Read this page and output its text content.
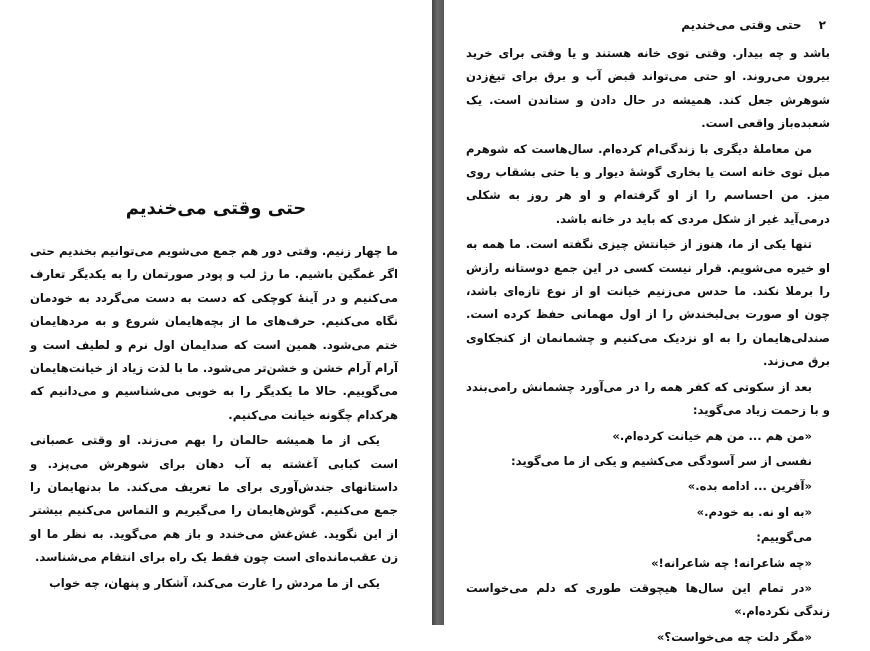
حتی وقتی می‌خندیم

ما چهار زنیم. وقتی دور هم جمع می‌شویم می‌توانیم بخندیم حتی اگر غمگین باشیم. ما رژ لب و پودر صورتمان را به یکدیگر تعارف می‌کنیم و در آینهٔ کوچکی که دست به دست می‌گردد به خودمان نگاه می‌کنیم. حرف‌های ما از بچه‌هایمان شروع و به مردهایمان ختم می‌شود. همین است که صدایمان اول نرم و لطیف است و آرام آرام خشن و خشن‌تر می‌شود. ما با لذت زیاد از خیانت‌هایمان می‌گوییم. حالا ما یکدیگر را به خوبی می‌شناسیم و می‌دانیم که هرکدام چگونه خیانت می‌کنیم.

یکی از ما همیشه حالمان را بهم می‌زند. او وقتی عصبانی است کبابی آغشته به آب دهان برای شوهرش می‌پزد. و داستانهای جندش‌آوری برای ما تعریف می‌کند. ما بدنهایمان را جمع می‌کنیم. گوش‌هایمان را می‌گیریم و التماس می‌کنیم بیشتر از این نگوید. غش‌غش می‌خندد و باز هم می‌گوید. به نظر ما او زن عقب‌مانده‌ای است چون فقط یک راه برای انتقام می‌شناسد.

یکی از ما مردش را غارت می‌کند، آشکار و پنهان، چه خواب

۲ حتی وقتی می‌خندیم

باشد و چه بیدار. وقتی توی خانه هستند و یا وقتی برای خرید بیرون می‌روند. او حتی می‌تواند قبض آب و برق برای تیغ‌زدن شوهرش جعل کند. همیشه در حال دادن و ستاندن است. یک شعبده‌باز واقعی است.

من معاملهٔ دیگری با زندگی‌ام کرده‌ام. سال‌هاست که شوهرم مبل توی خانه است یا بخاری گوشهٔ دیوار و یا حتی بشقاب روی میز. من احساسم را از او گرفته‌ام و او هر روز به شکلی درمی‌آید غیر از شکل مردی که باید در خانه باشد.

تنها یکی از ما، هنوز از خیانتش چیزی نگفته است. ما همه به او خیره می‌شویم. قرار نیست کسی در این جمع دوستانه رازش را برملا نکند. ما حدس می‌زنیم خیانت او از نوع تازه‌ای باشد، چون او صورت بی‌لبخندش را از اول مهمانی حفظ کرده است. صندلی‌هایمان را به او نزدیک می‌کنیم و چشمانمان از کنجکاوی برق می‌زند.

بعد از سکوتی که کفر همه را در می‌آورد چشمانش رامی‌بندد و با زحمت زیاد می‌گوید:

«من هم ... من هم خیانت کرده‌ام.»

نفسی از سر آسودگی می‌کشیم و یکی از ما می‌گوید:

«آفرین ... ادامه بده.»

«به او نه. به خودم.»

می‌گوییم:

«چه شاعرانه! چه شاعرانه!»

«در تمام این سال‌ها هیچوقت طوری که دلم می‌خواست زندگی نکرده‌ام.»

«مگر دلت چه می‌خواست؟»
